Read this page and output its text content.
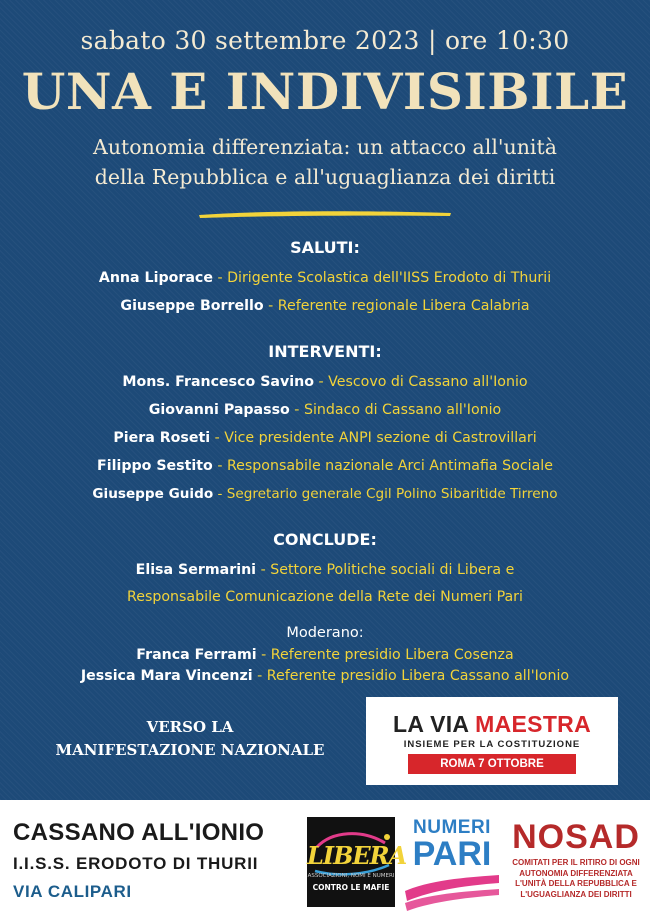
sabato 30 settembre 2023 | ore 10:30
UNA E INDIVISIBILE
Autonomia differenziata: un attacco all'unità
della Repubblica e all'uguaglianza dei diritti
SALUTI:
Anna Liporace - Dirigente Scolastica dell'IISS Erodoto di Thurii
Giuseppe Borrello - Referente regionale Libera Calabria
INTERVENTI:
Mons. Francesco Savino - Vescovo di Cassano all'Ionio
Giovanni Papasso - Sindaco di Cassano all'Ionio
Piera Roseti - Vice presidente ANPI sezione di Castrovillari
Filippo Sestito - Responsabile nazionale Arci Antimafia Sociale
Giuseppe Guido - Segretario generale Cgil Polino Sibaritide Tirreno
CONCLUDE:
Elisa Sermarini - Settore Politiche sociali di Libera e
Responsabile Comunicazione della Rete dei Numeri Pari
Moderano:
Franca Ferrami - Referente presidio Libera Cosenza
Jessica Mara Vincenzi - Referente presidio Libera Cassano all'Ionio
VERSO LA
MANIFESTAZIONE NAZIONALE
LA VIA MAESTRA
INSIEME PER LA COSTITUZIONE
ROMA 7 OTTOBRE
CASSANO ALL'IONIO
I.I.S.S. ERODOTO DI THURII
VIA CALIPARI
LIBERA
ASSOCIAZIONI, NOMI E NUMERI
CONTRO LE MAFIE
NUMERI
PARI NOSAD
COMITATI PER IL RITIRO DI OGNI AUTONOMIA DIFFERENZIATA L'UNITÀ DELLA REPUBBLICA E L'UGUAGLIANZA DEI DIRITTI
